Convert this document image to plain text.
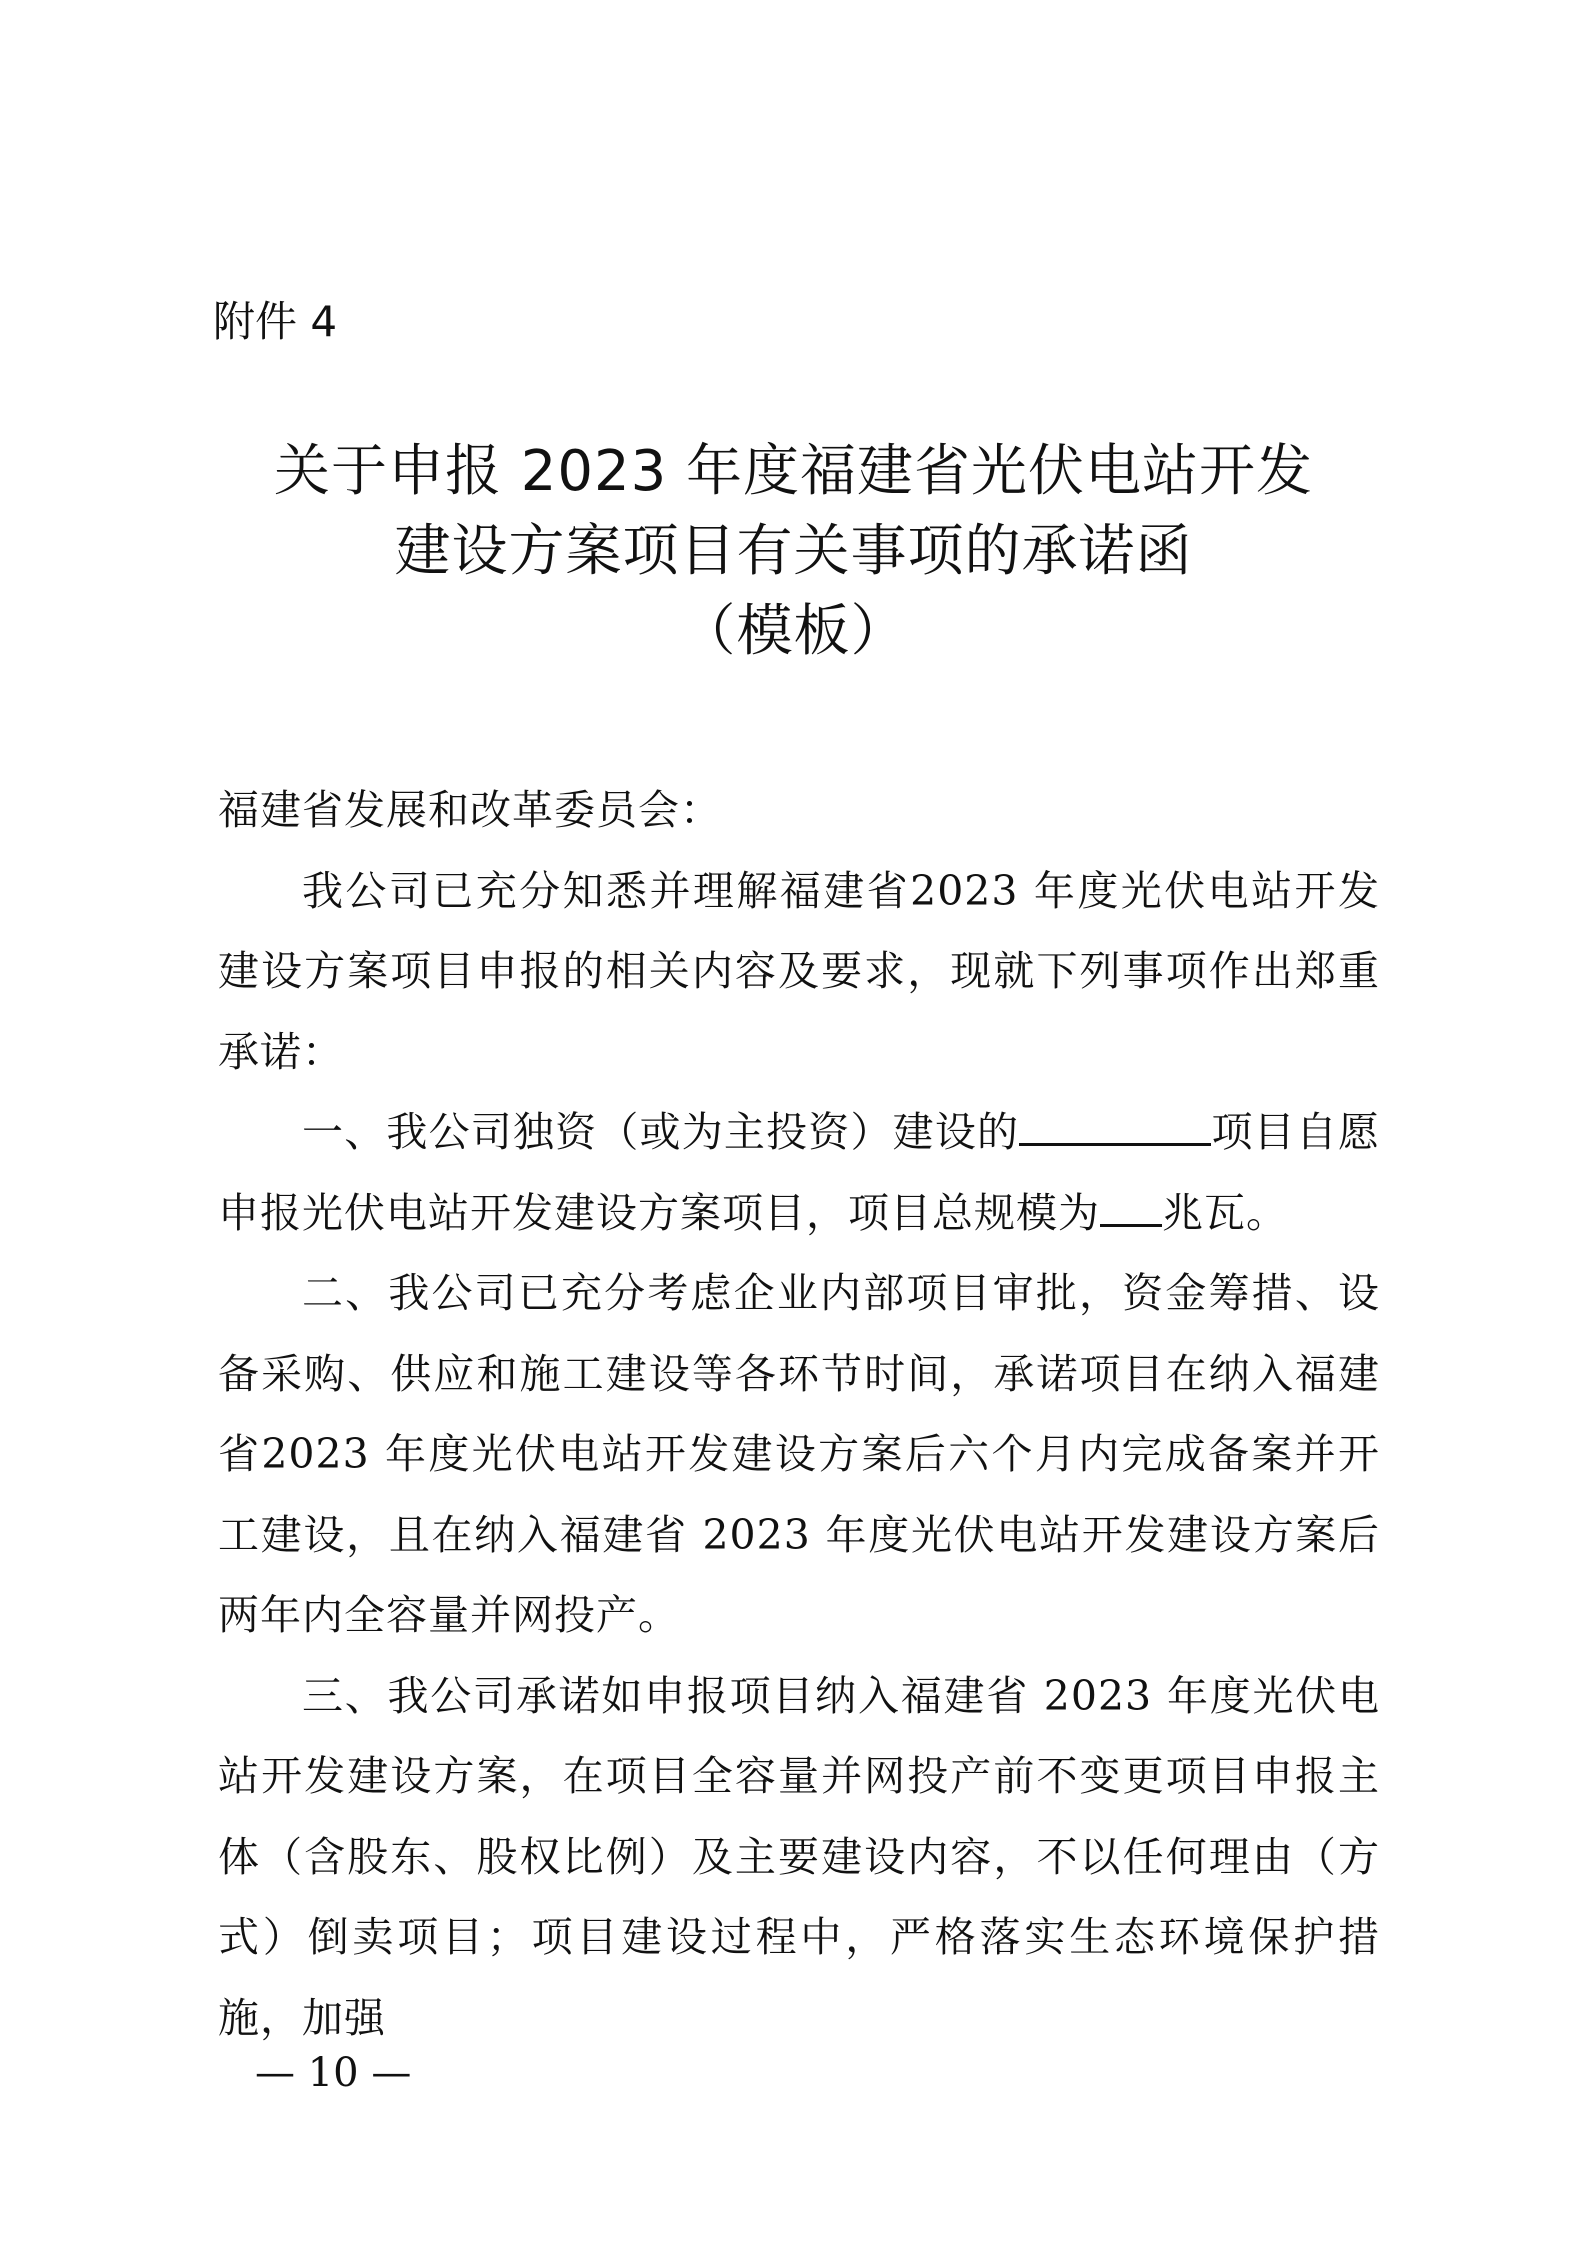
附件 4
关于申报 2023 年度福建省光伏电站开发
建设方案项目有关事项的承诺函
（模板）

福建省发展和改革委员会：

我公司已充分知悉并理解福建省2023 年度光伏电站开发建设方案项目申报的相关内容及要求，现就下列事项作出郑重承诺：

一、我公司独资（或为主投资）建设的	项目自愿申报光伏电站开发建设方案项目，项目总规模为 兆瓦。

二、我公司已充分考虑企业内部项目审批，资金筹措、设备采购、供应和施工建设等各环节时间，承诺项目在纳入福建省2023 年度光伏电站开发建设方案后六个月内完成备案并开工建设，且在纳入福建省 2023 年度光伏电站开发建设方案后两年内全容量并网投产。

三、我公司承诺如申报项目纳入福建省 2023 年度光伏电站开发建设方案，在项目全容量并网投产前不变更项目申报主体（含股东、股权比例）及主要建设内容，不以任何理由（方式）倒卖项目；项目建设过程中，严格落实生态环境保护措施，加强

— 10 —
